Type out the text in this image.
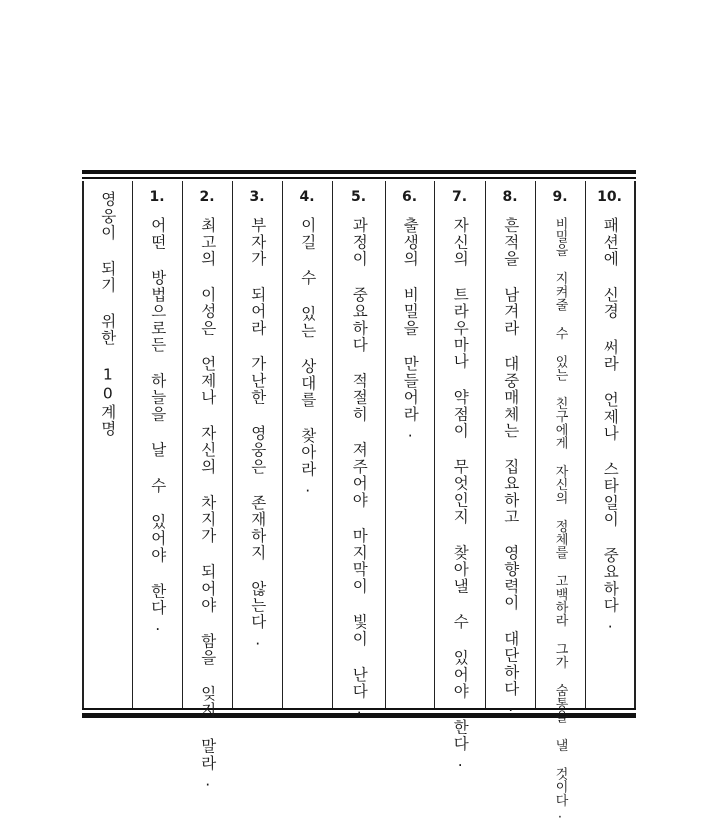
영웅이 되기 위한 10계명	1.
어떤 방법으로든 하늘을 날 수 있어야 한다.
2.
최고의 이성은 언제나 자신의 차지가 되어야 함을 잊지 말라.
3.
부자가 되어라 가난한 영웅은 존재하지 않는다.
4.
이길 수 있는 상대를 찾아라.
5.
과정이 중요하다 적절히 져주어야 마지막이 빛이 난다.
6.
출생의 비밀을 만들어라.
7.
자신의 트라우마나 약점이 무엇인지 찾아낼 수 있어야 한다.
8.
흔적을 남겨라 대중매체는 집요하고 영향력이 대단하다.
9.
비밀을 지켜줄 수 있는 친구에게 자신의 정체를 고백하라 그가 숨통을 낼 것이다.
10.
패션에 신경 써라 언제나 스타일이 중요하다.
